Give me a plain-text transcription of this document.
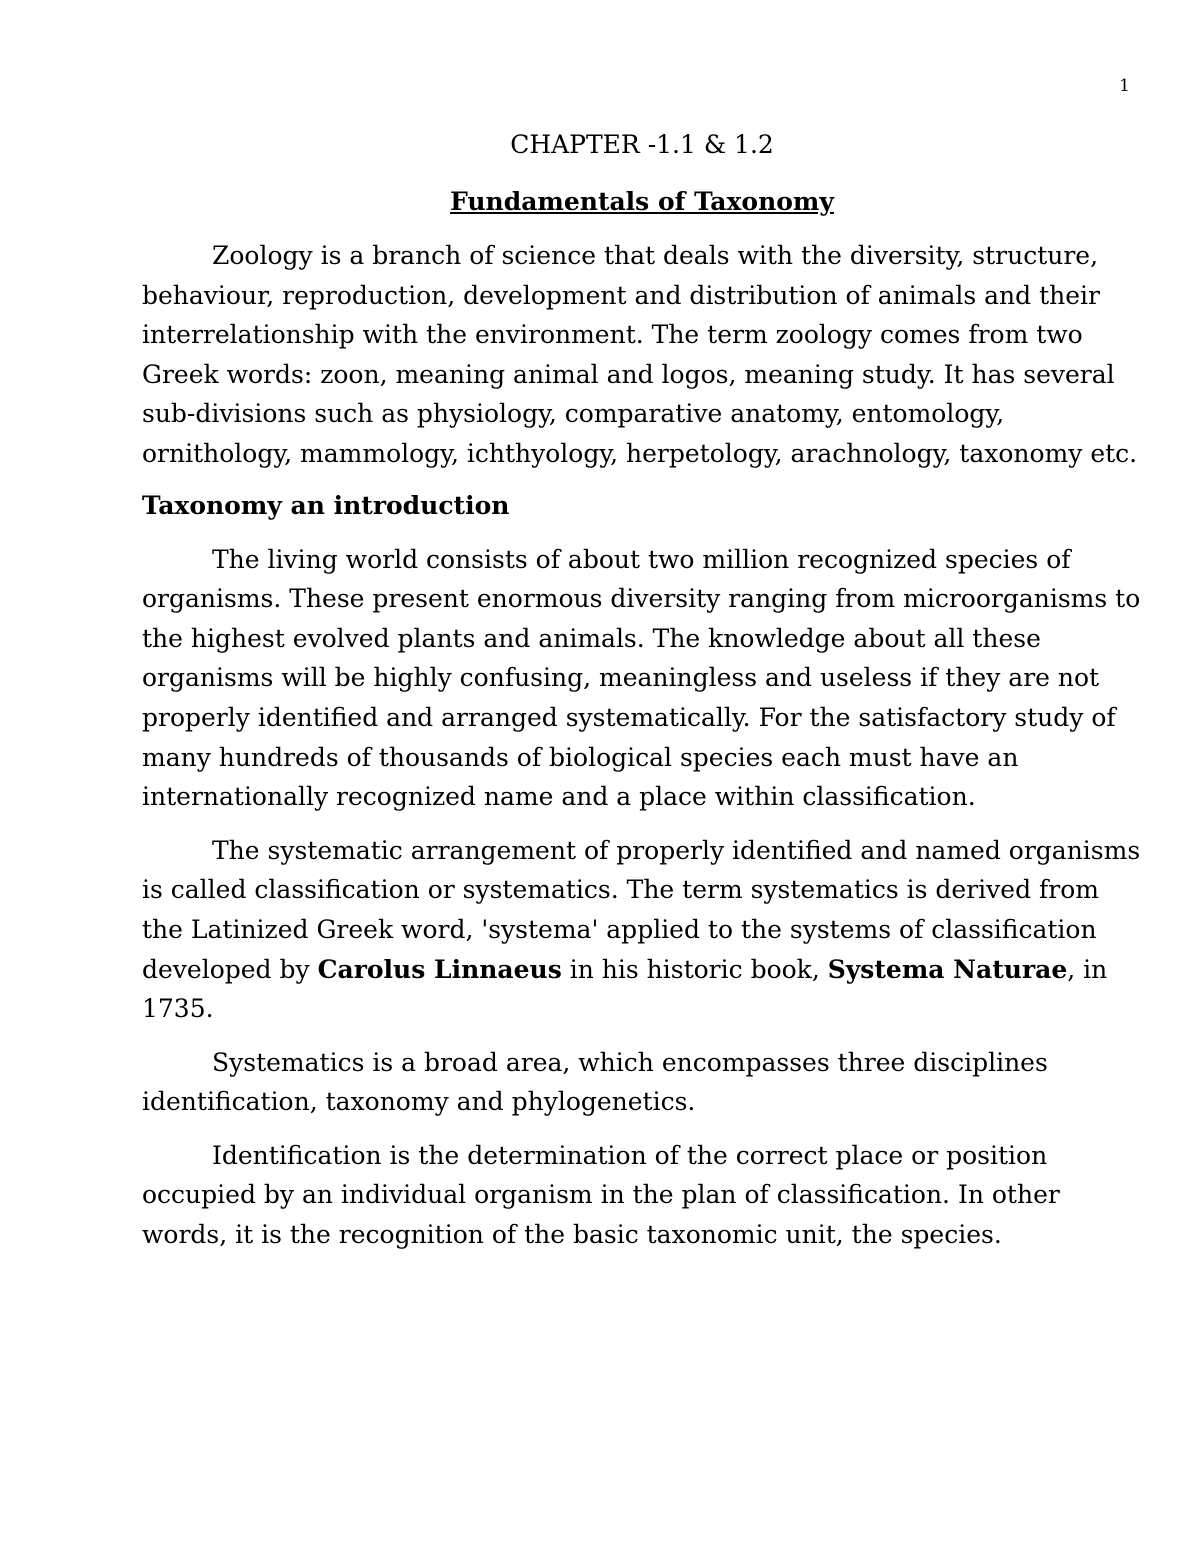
1
CHAPTER -1.1 & 1.2
Fundamentals of Taxonomy

Zoology is a branch of science that deals with the diversity, structure, behaviour, reproduction, development and distribution of animals and their interrelationship with the environment. The term zoology comes from two Greek words: zoon, meaning animal and logos, meaning study. It has several sub-divisions such as physiology, comparative anatomy, entomology, ornithology, mammology, ichthyology, herpetology, arachnology, taxonomy etc.

Taxonomy an introduction

The living world consists of about two million recognized species of organisms. These present enormous diversity ranging from microorganisms to the highest evolved plants and animals. The knowledge about all these organisms will be highly confusing, meaningless and useless if they are not properly identified and arranged systematically. For the satisfactory study of many hundreds of thousands of biological species each must have an internationally recognized name and a place within classification.

The systematic arrangement of properly identified and named organisms is called classification or systematics. The term systematics is derived from the Latinized Greek word, 'systema' applied to the systems of classification developed by Carolus Linnaeus in his historic book, Systema Naturae, in 1735.

Systematics is a broad area, which encompasses three disciplines identification, taxonomy and phylogenetics.

Identification is the determination of the correct place or position occupied by an individual organism in the plan of classification. In other words, it is the recognition of the basic taxonomic unit, the species.
